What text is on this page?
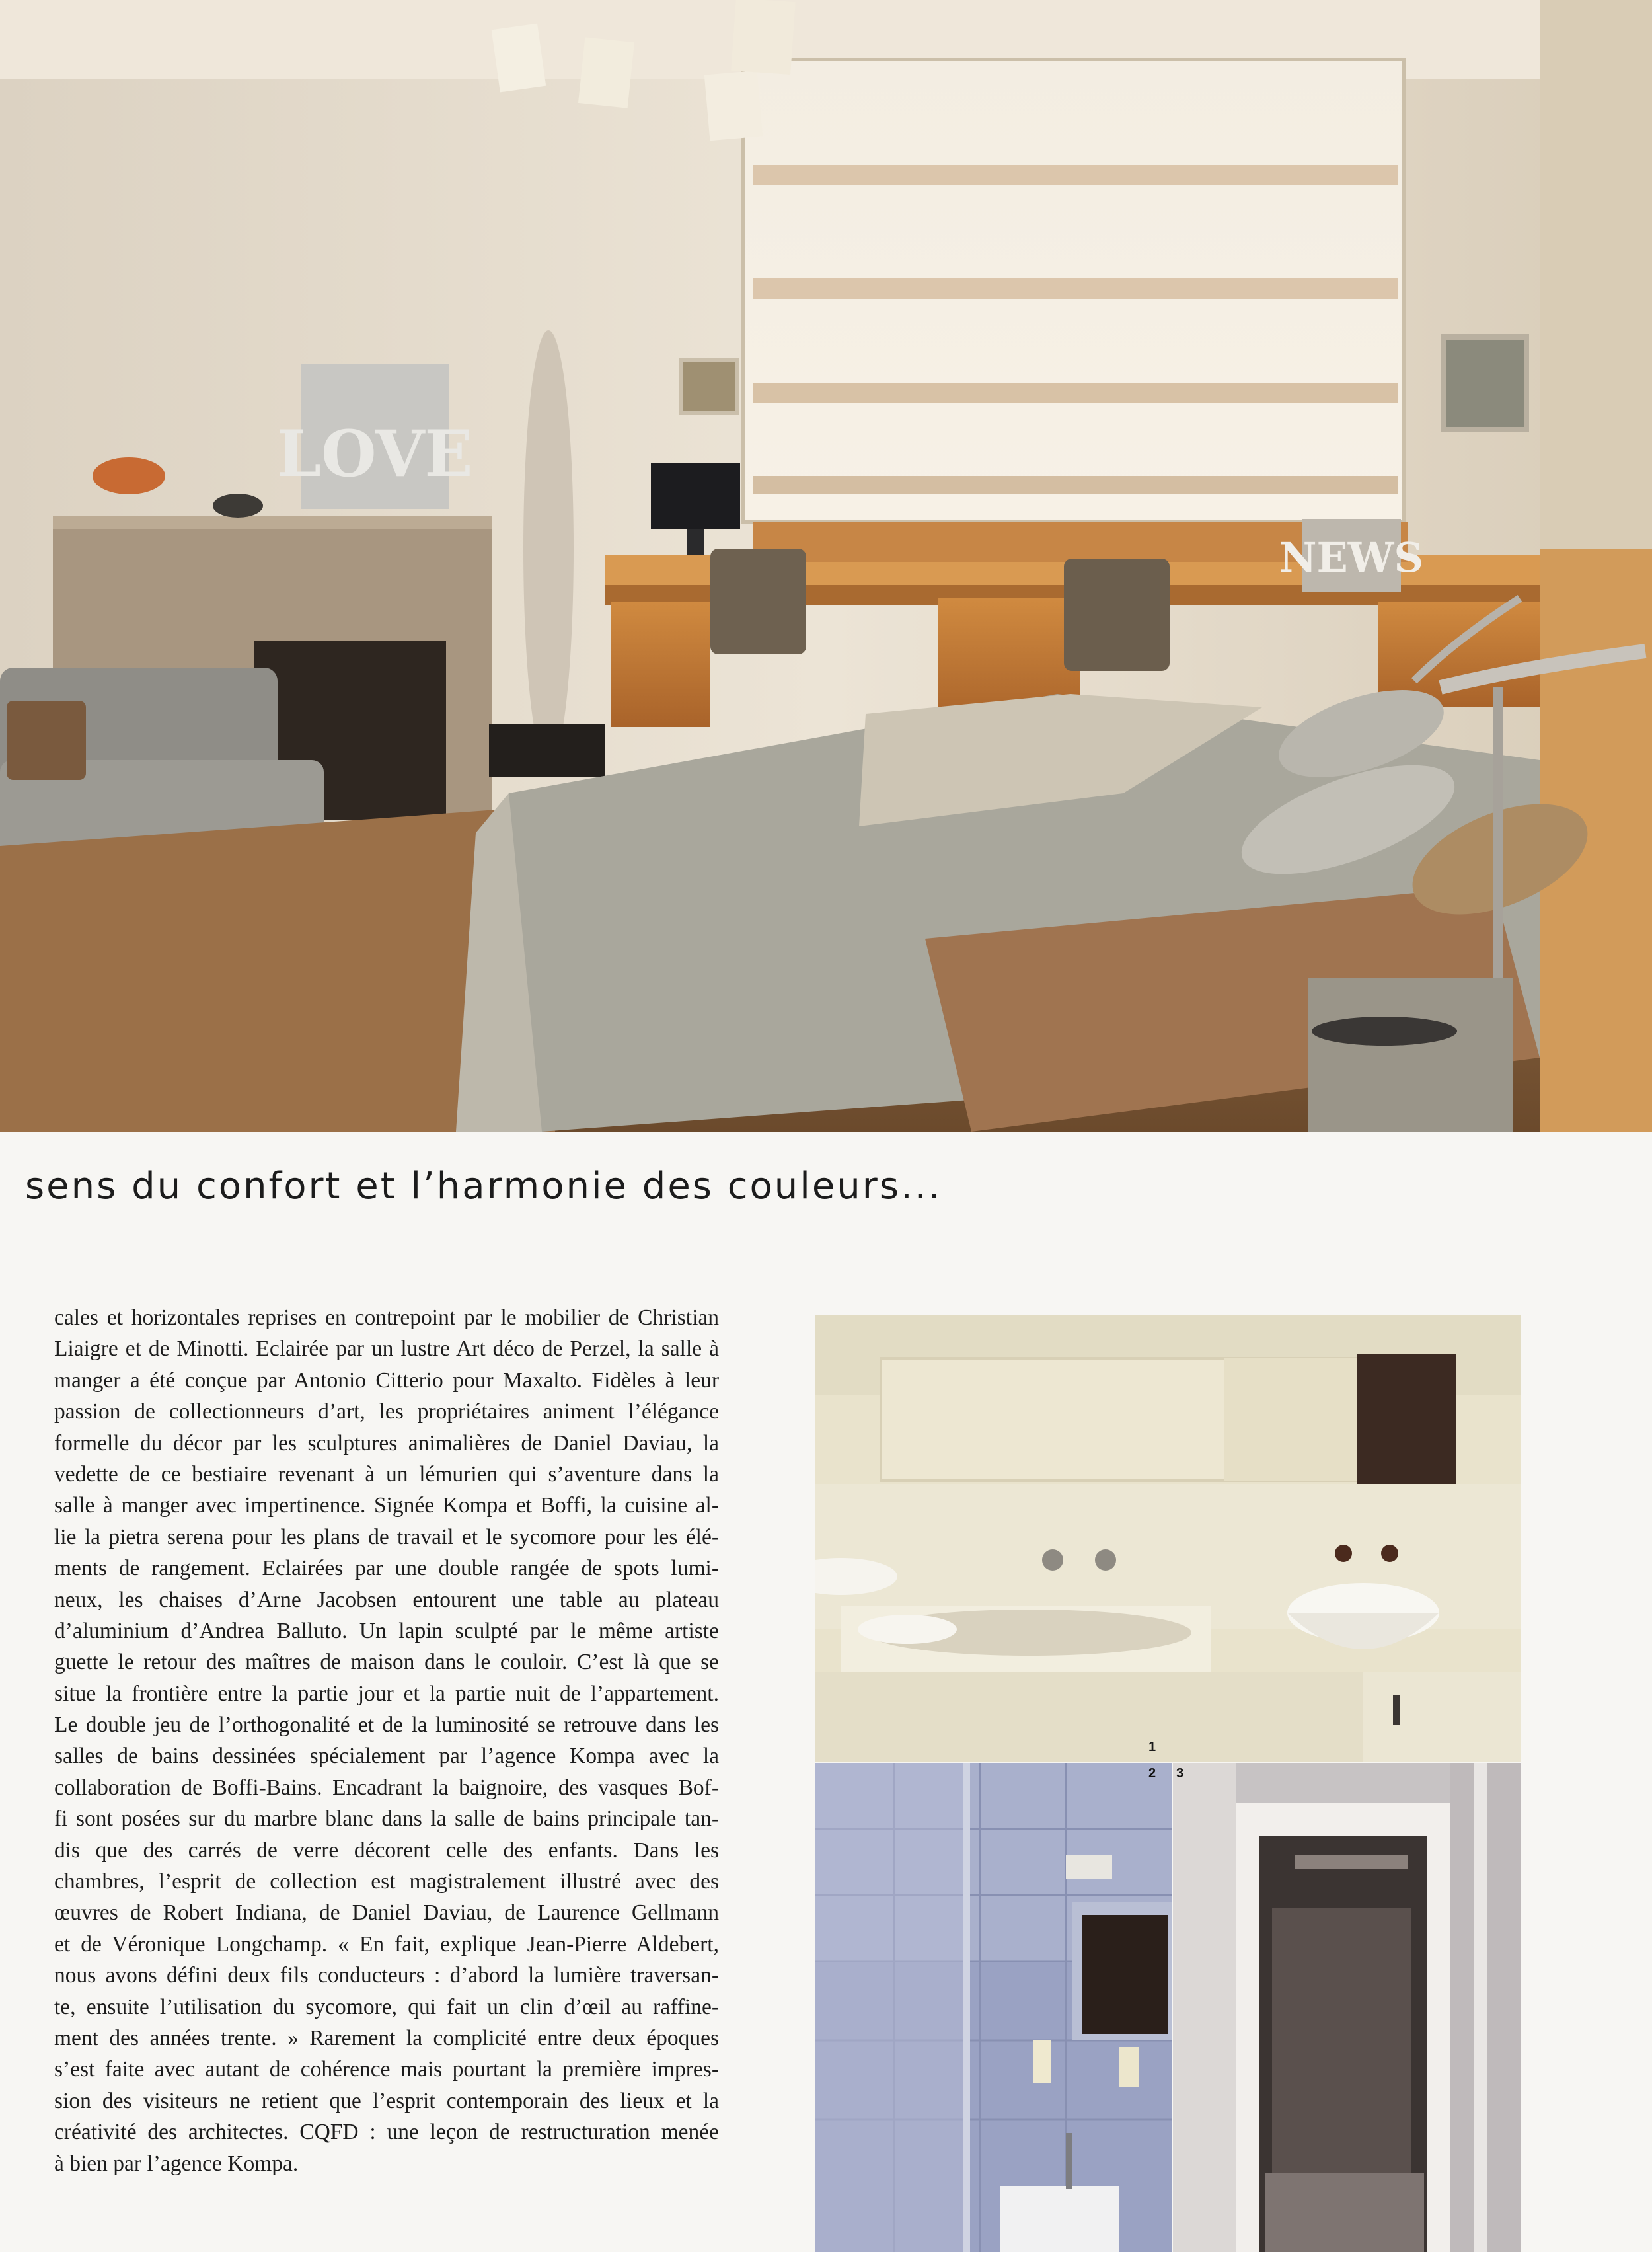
NEWS
LOVE
sens du confort et l’harmonie des couleurs...
cales et horizontales reprises en contrepoint par le mobilier de Christian
Liaigre et de Minotti. Eclairée par un lustre Art déco de Perzel, la salle à
manger a été conçue par Antonio Citterio pour Maxalto. Fidèles à leur
passion de collectionneurs d’art, les propriétaires animent l’élégance
formelle du décor par les sculptures animalières de Daniel Daviau, la
vedette de ce bestiaire revenant à un lémurien qui s’aventure dans la
salle à manger avec impertinence. Signée Kompa et Boffi, la cuisine al-
lie la pietra serena pour les plans de travail et le sycomore pour les élé-
ments de rangement. Eclairées par une double rangée de spots lumi-
neux, les chaises d’Arne Jacobsen entourent une table au plateau
d’aluminium d’Andrea Balluto. Un lapin sculpté par le même artiste
guette le retour des maîtres de maison dans le couloir. C’est là que se
situe la frontière entre la partie jour et la partie nuit de l’appartement.
Le double jeu de l’orthogonalité et de la luminosité se retrouve dans les
salles de bains dessinées spécialement par l’agence Kompa avec la
collaboration de Boffi-Bains. Encadrant la baignoire, des vasques Bof-
fi sont posées sur du marbre blanc dans la salle de bains principale tan-
dis que des carrés de verre décorent celle des enfants. Dans les
chambres, l’esprit de collection est magistralement illustré avec des
œuvres de Robert Indiana, de Daniel Daviau, de Laurence Gellmann
et de Véronique Longchamp. « En fait, explique Jean-Pierre Aldebert,
nous avons défini deux fils conducteurs : d’abord la lumière traversan-
te, ensuite l’utilisation du sycomore, qui fait un clin d’œil au raffine-
ment des années trente. » Rarement la complicité entre deux époques
s’est faite avec autant de cohérence mais pourtant la première impres-
sion des visiteurs ne retient que l’esprit contemporain des lieux et la
créativité des architectes. CQFD : une leçon de restructuration menée
à bien par l’agence Kompa.
1
2 3
